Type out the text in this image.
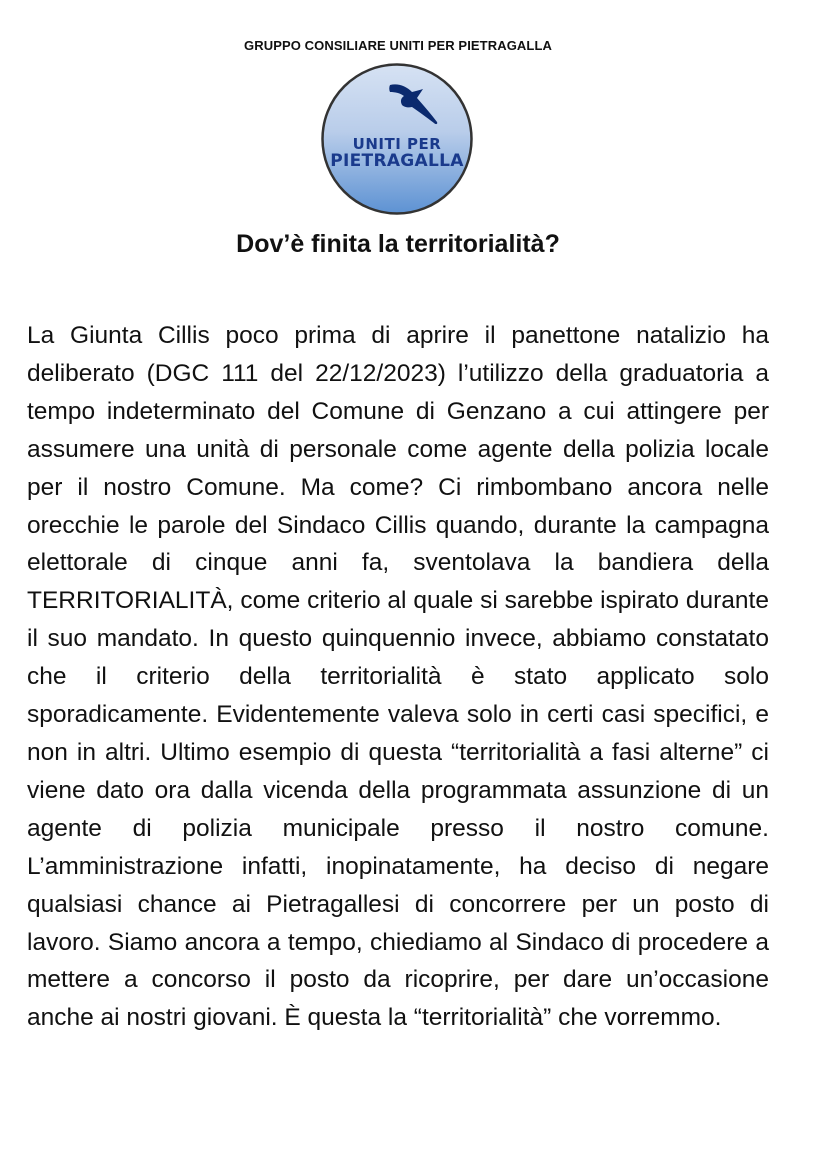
GRUPPO CONSILIARE UNITI PER PIETRAGALLA
UNITI PER
PIETRAGALLA
Dov’è finita la territorialità?
La Giunta Cillis poco prima di aprire il panettone natalizio ha deliberato (DGC 111 del 22/12/2023) l’utilizzo della graduatoria a tempo indeterminato del Comune di Genzano a cui attingere per assumere una unità di personale come agente della polizia locale per il nostro Comune. Ma come? Ci rimbombano ancora nelle orecchie le parole del Sindaco Cillis quando, durante la campagna elettorale di cinque anni fa, sventolava la bandiera della TERRITORIALITÀ, come criterio al quale si sarebbe ispirato durante il suo mandato. In questo quinquennio invece, abbiamo constatato che il criterio della territorialità è stato applicato solo sporadicamente. Evidentemente valeva solo in certi casi specifici, e non in altri. Ultimo esempio di questa “territorialità a fasi alterne” ci viene dato ora dalla vicenda della programmata assunzione di un agente di polizia municipale presso il nostro comune. L’amministrazione infatti, inopinatamente, ha deciso di negare qualsiasi chance ai Pietragallesi di concorrere per un posto di lavoro. Siamo ancora a tempo, chiediamo al Sindaco di procedere a mettere a concorso il posto da ricoprire, per dare un’occasione anche ai nostri giovani. È questa la “territorialità” che vorremmo.
